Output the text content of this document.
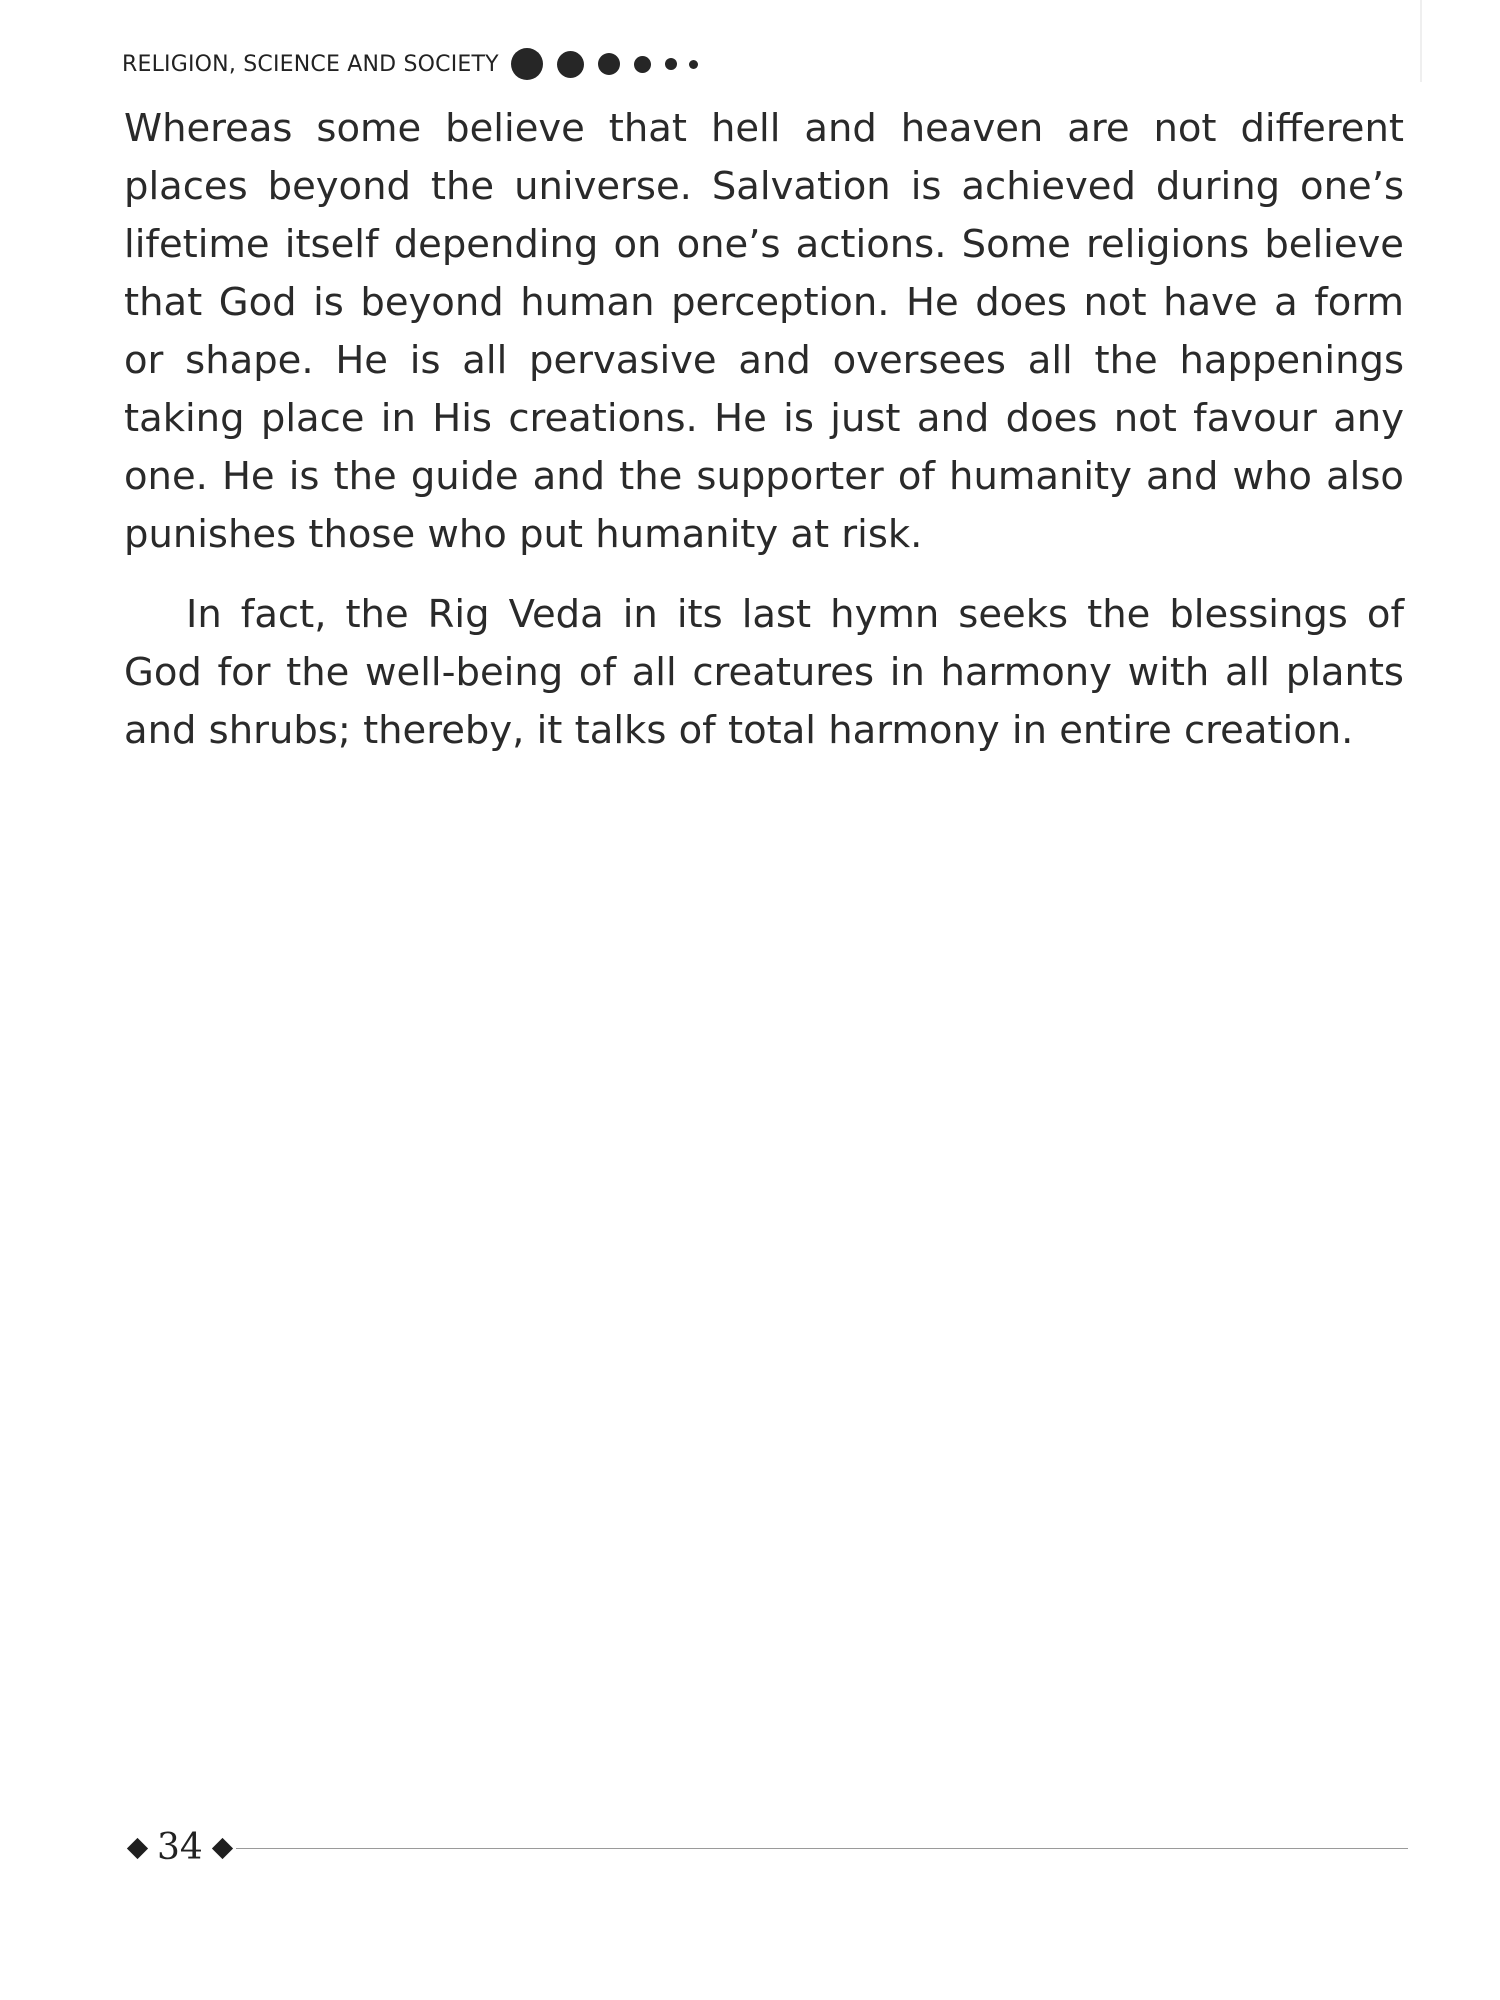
RELIGION, SCIENCE AND SOCIETY

Whereas some believe that hell and heaven are not different places beyond the universe. Salvation is achieved during one’s lifetime itself depending on one’s actions. Some religions believe that God is beyond human perception. He does not have a form or shape. He is all pervasive and oversees all the happenings taking place in His creations. He is just and does not favour any one. He is the guide and the supporter of humanity and who also punishes those who put humanity at risk.

In fact, the Rig Veda in its last hymn seeks the blessings of God for the well-being of all creatures in harmony with all plants and shrubs; thereby, it talks of total harmony in entire creation.

34
